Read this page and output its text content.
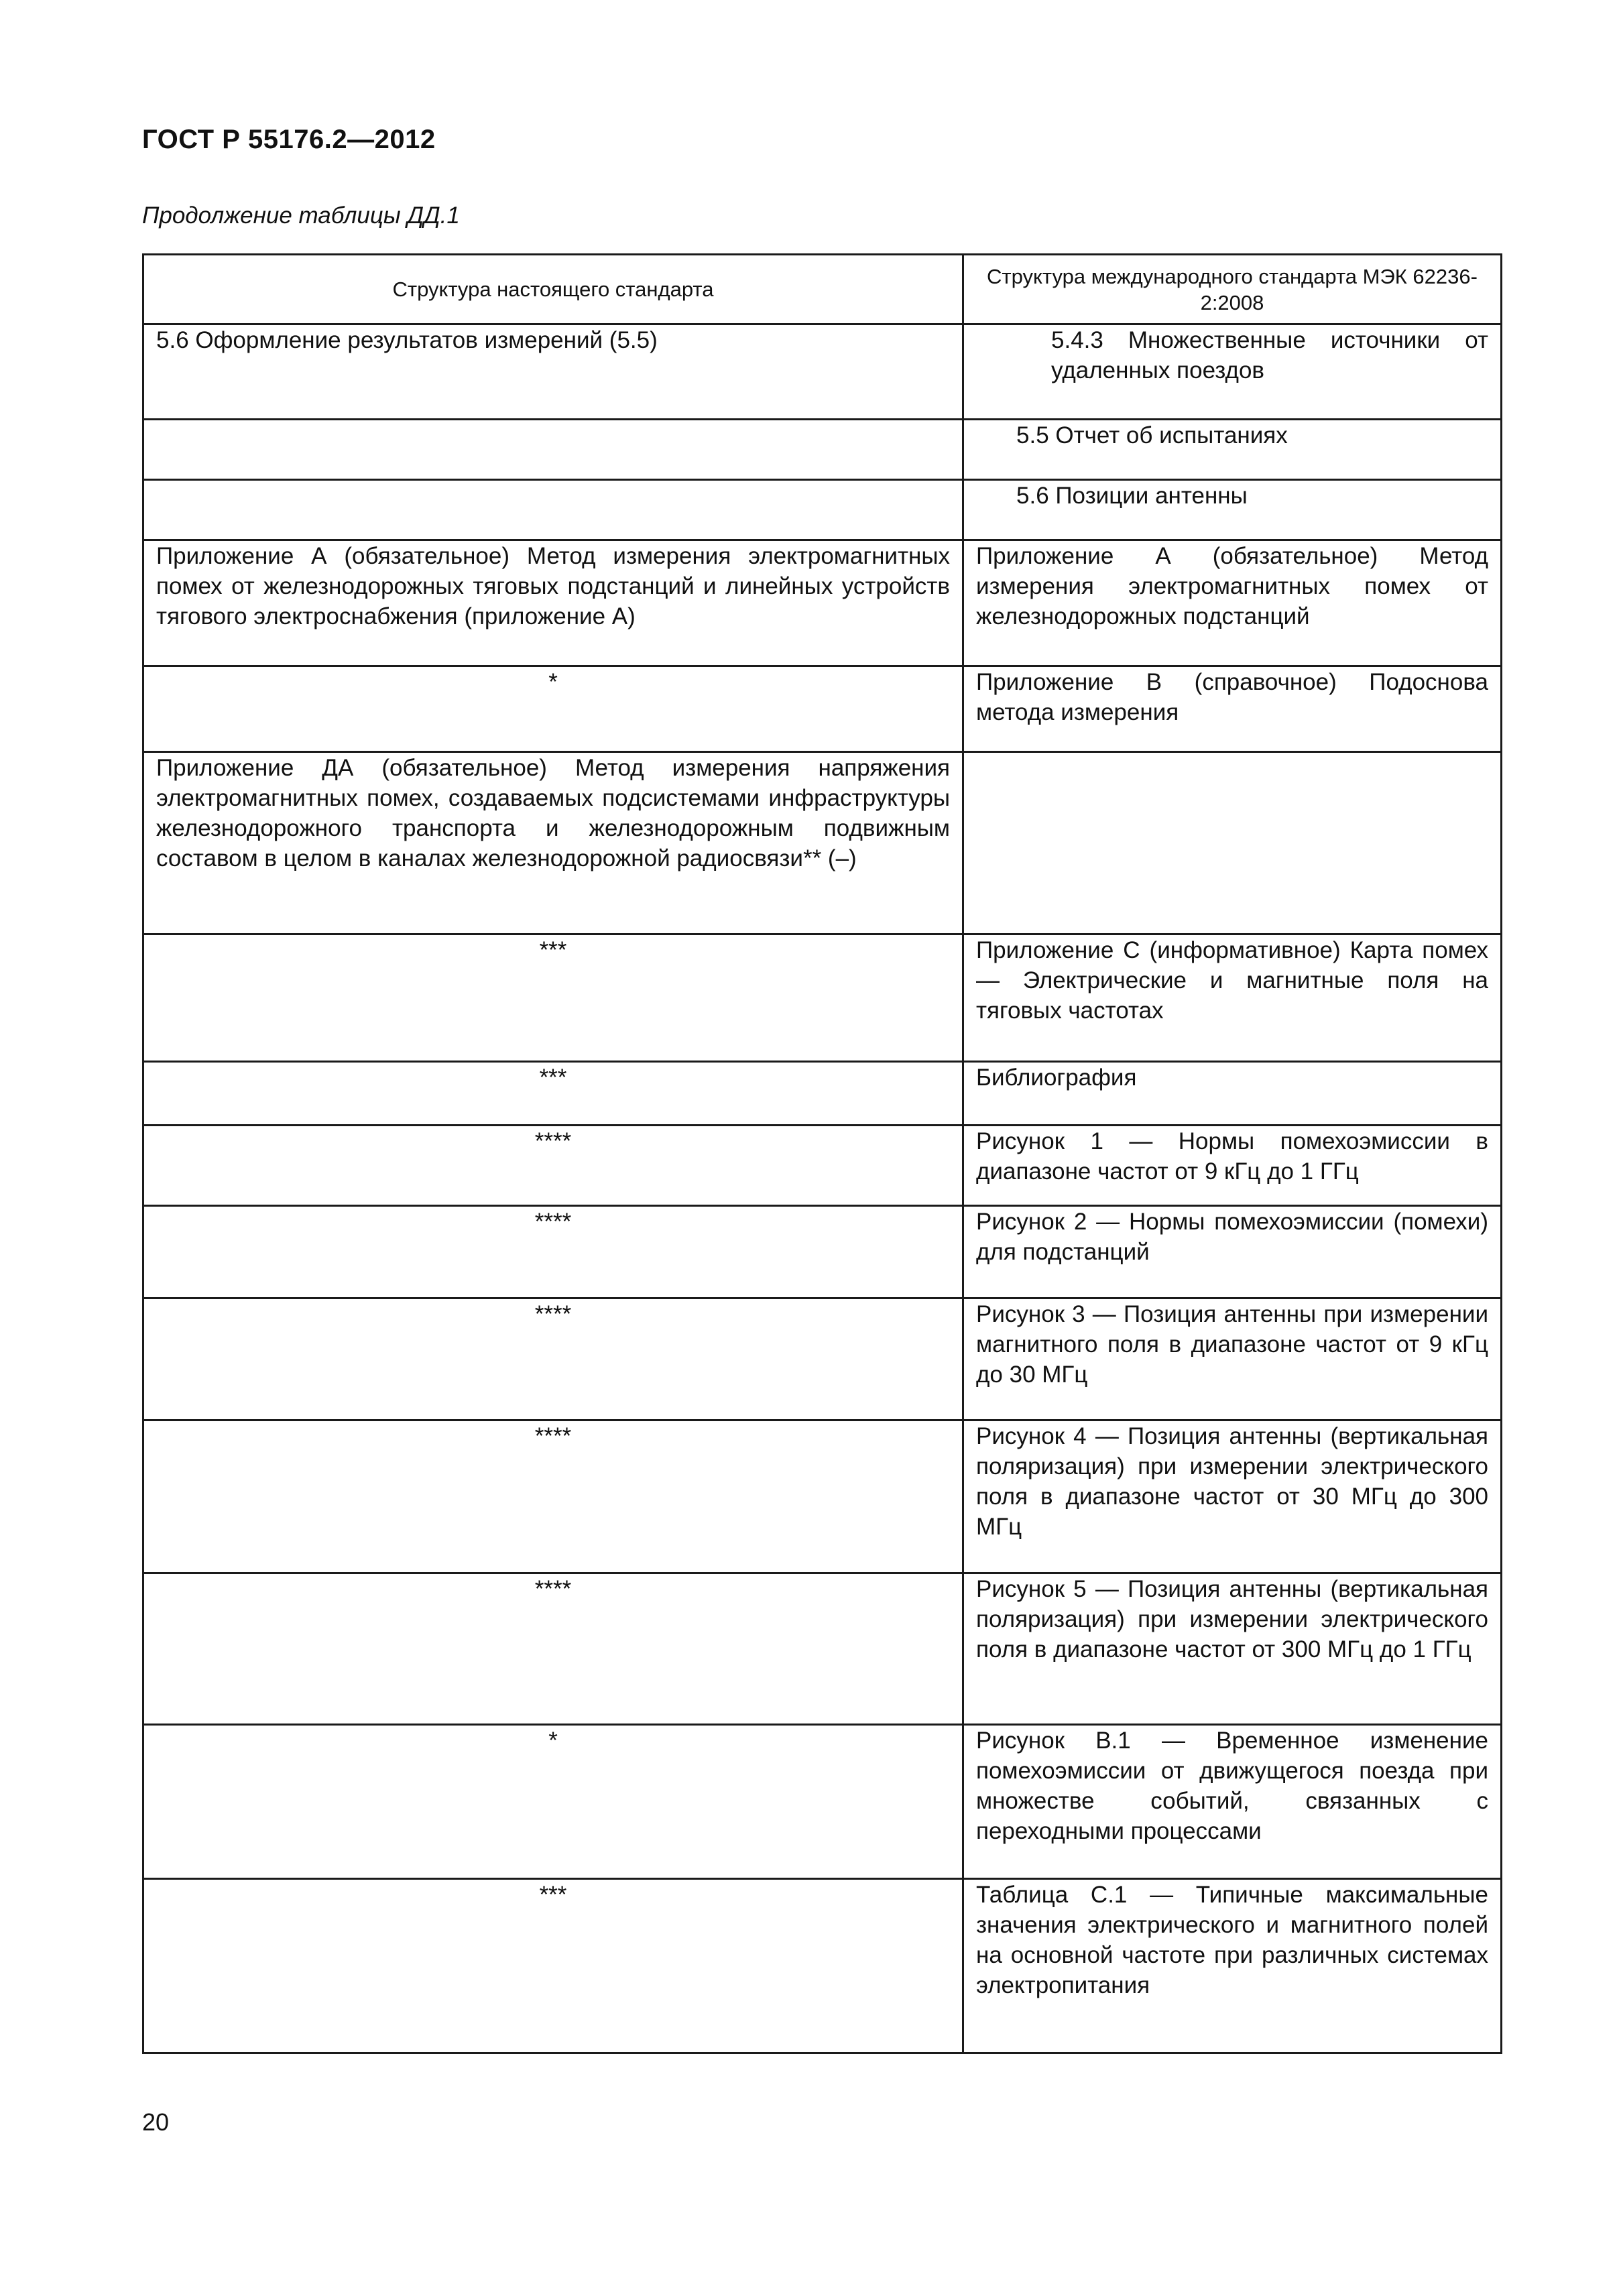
ГОСТ Р 55176.2—2012
Продолжение таблицы ДД.1
Структура настоящего стандарта	Структура международного стандарта МЭК 62236-2:2008
5.6 Оформление результатов измерений (5.5)	5.4.3 Множественные источники от удаленных поездов
	5.5 Отчет об испытаниях
	5.6 Позиции антенны
Приложение А (обязательное) Метод измерения электромагнитных помех от железнодорожных тяговых подстанций и линейных устройств тягового электроснабжения (приложение А)	Приложение А (обязательное) Метод измерения электромагнитных помех от железнодорожных подстанций
*	Приложение В (справочное) Подоснова метода измерения
Приложение ДА (обязательное) Метод измерения напряжения электромагнитных помех, создаваемых подсистемами инфраструктуры железнодорожного транспорта и железнодорожным подвижным составом в целом в каналах железнодорожной радиосвязи** (–)	
***	Приложение С (информативное) Карта помех — Электрические и магнитные поля на тяговых частотах
***	Библиография
****	Рисунок 1 — Нормы помехоэмиссии в диапазоне частот от 9 кГц до 1 ГГц
****	Рисунок 2 — Нормы помехоэмиссии (помехи) для подстанций
****	Рисунок 3 — Позиция антенны при измерении магнитного поля в диапазоне частот от 9 кГц до 30 МГц
****	Рисунок 4 — Позиция антенны (вертикальная поляризация) при измерении электрического поля в диапазоне частот от 30 МГц до 300 МГц
****	Рисунок 5 — Позиция антенны (вертикальная поляризация) при измерении электрического поля в диапазоне частот от 300 МГц до 1 ГГц
*	Рисунок В.1 — Временное изменение помехоэмиссии от движущегося поезда при множестве событий, связанных с переходными процессами
***	Таблица С.1 — Типичные максимальные значения электрического и магнитного полей на основной частоте при различных системах электропитания
20
